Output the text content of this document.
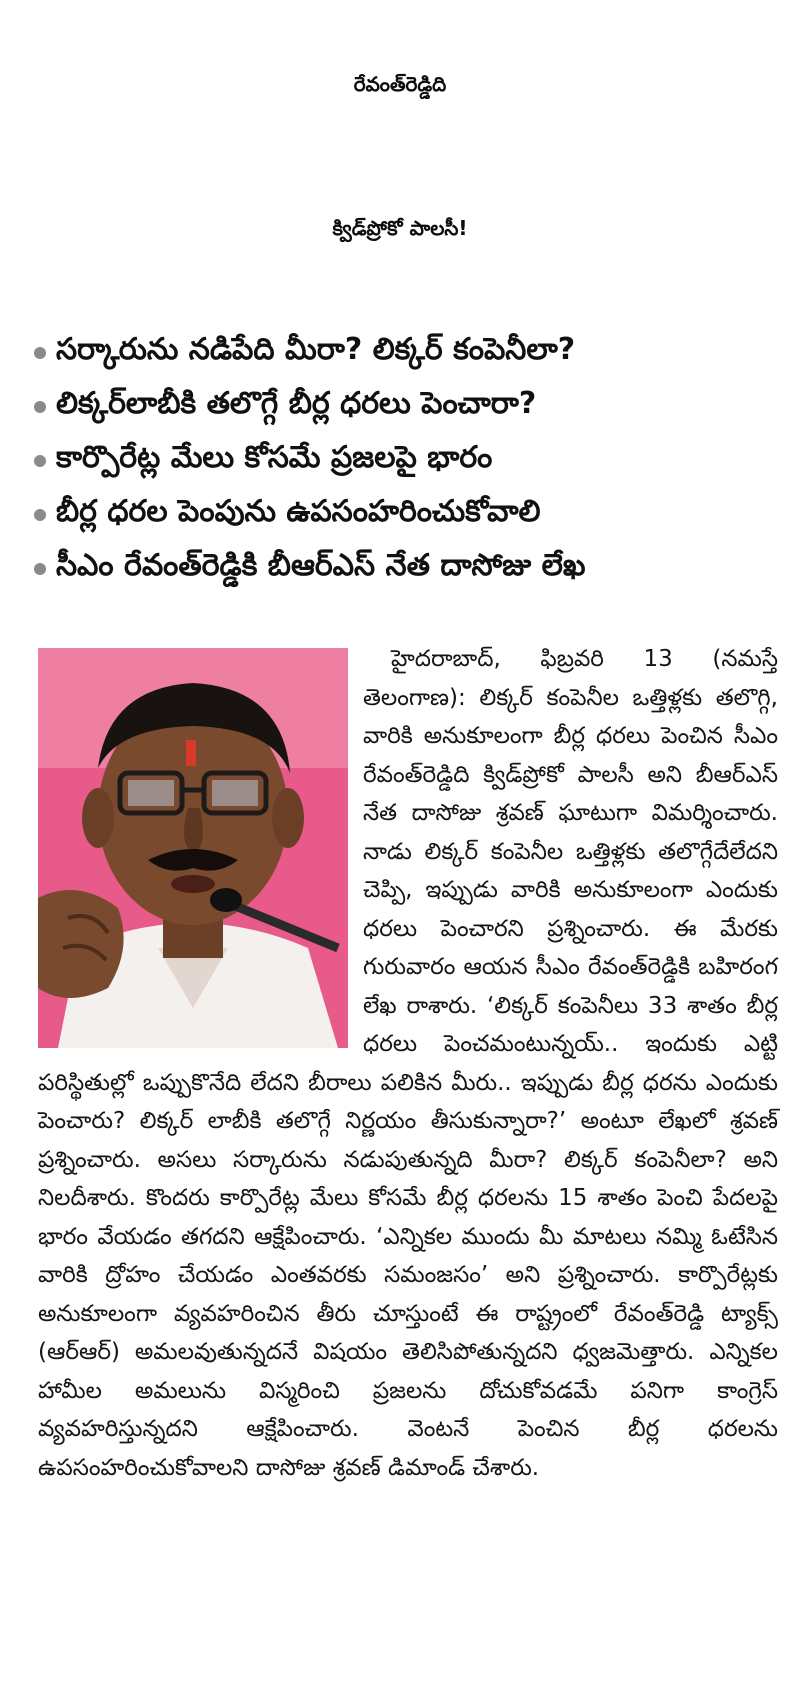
రేవంత్‌రెడ్డిది
క్విడ్‌ప్రోకో పాలసీ!
సర్కారును నడిపేది మీరా? లిక్కర్ కంపెనీలా?
లిక్కర్‌లాబీకి తలొగ్గే బీర్ల ధరలు పెంచారా?
కార్పొరేట్ల మేలు కోసమే ప్రజలపై భారం
బీర్ల ధరల పెంపును ఉపసంహరించుకోవాలి
సీఎం రేవంత్‌రెడ్డికి బీఆర్ఎస్ నేత దాసోజు లేఖ

హైదరాబాద్, ఫిబ్రవరి 13 (నమస్తే తెలంగాణ): లిక్కర్ కంపెనీల ఒత్తిళ్లకు తలొగ్గి, వారికి అనుకూలంగా బీర్ల ధరలు పెంచిన సీఎం రేవంత్‌రెడ్డిది క్విడ్‌ప్రోకో పాలసీ అని బీఆర్ఎస్ నేత దాసోజు శ్రవణ్ ఘాటుగా విమర్శించారు. నాడు లిక్కర్ కంపెనీల ఒత్తిళ్లకు తలొగ్గేదేలేదని చెప్పి, ఇప్పుడు వారికి అనుకూలంగా ఎందుకు ధరలు పెంచారని ప్రశ్నించారు. ఈ మేరకు గురువారం ఆయన సీఎం రేవంత్‌రెడ్డికి బహిరంగ లేఖ రాశారు. ‘లిక్కర్ కంపెనీలు 33 శాతం బీర్ల ధరలు పెంచమంటున్నయ్.. ఇందుకు ఎట్టి పరిస్థితుల్లో ఒప్పుకొనేది లేదని బీరాలు పలికిన మీరు.. ఇప్పుడు బీర్ల ధరను ఎందుకు పెంచారు? లిక్కర్ లాబీకి తలొగ్గే నిర్ణయం తీసుకున్నారా?’ అంటూ లేఖలో శ్రవణ్ ప్రశ్నించారు. అసలు సర్కారును నడుపుతున్నది మీరా? లిక్కర్ కంపెనీలా? అని నిలదీశారు. కొందరు కార్పొరేట్ల మేలు కోసమే బీర్ల ధరలను 15 శాతం పెంచి పేదలపై భారం వేయడం తగదని ఆక్షేపించారు. ‘ఎన్నికల ముందు మీ మాటలు నమ్మి ఓటేసిన వారికి ద్రోహం చేయడం ఎంతవరకు సమంజసం’ అని ప్రశ్నించారు. కార్పొరేట్లకు అనుకూలంగా వ్యవహరించిన తీరు చూస్తుంటే ఈ రాష్ట్రంలో రేవంత్‌రెడ్డి ట్యాక్స్ (ఆర్‌ఆర్) అమలవుతున్నదనే విషయం తెలిసిపోతున్నదని ధ్వజమెత్తారు. ఎన్నికల హామీల అమలును విస్మరించి ప్రజలను దోచుకోవడమే పనిగా కాంగ్రెస్ వ్యవహరిస్తున్నదని ఆక్షేపించారు. వెంటనే పెంచిన బీర్ల ధరలను ఉపసంహరించుకోవాలని దాసోజు శ్రవణ్ డిమాండ్ చేశారు.
